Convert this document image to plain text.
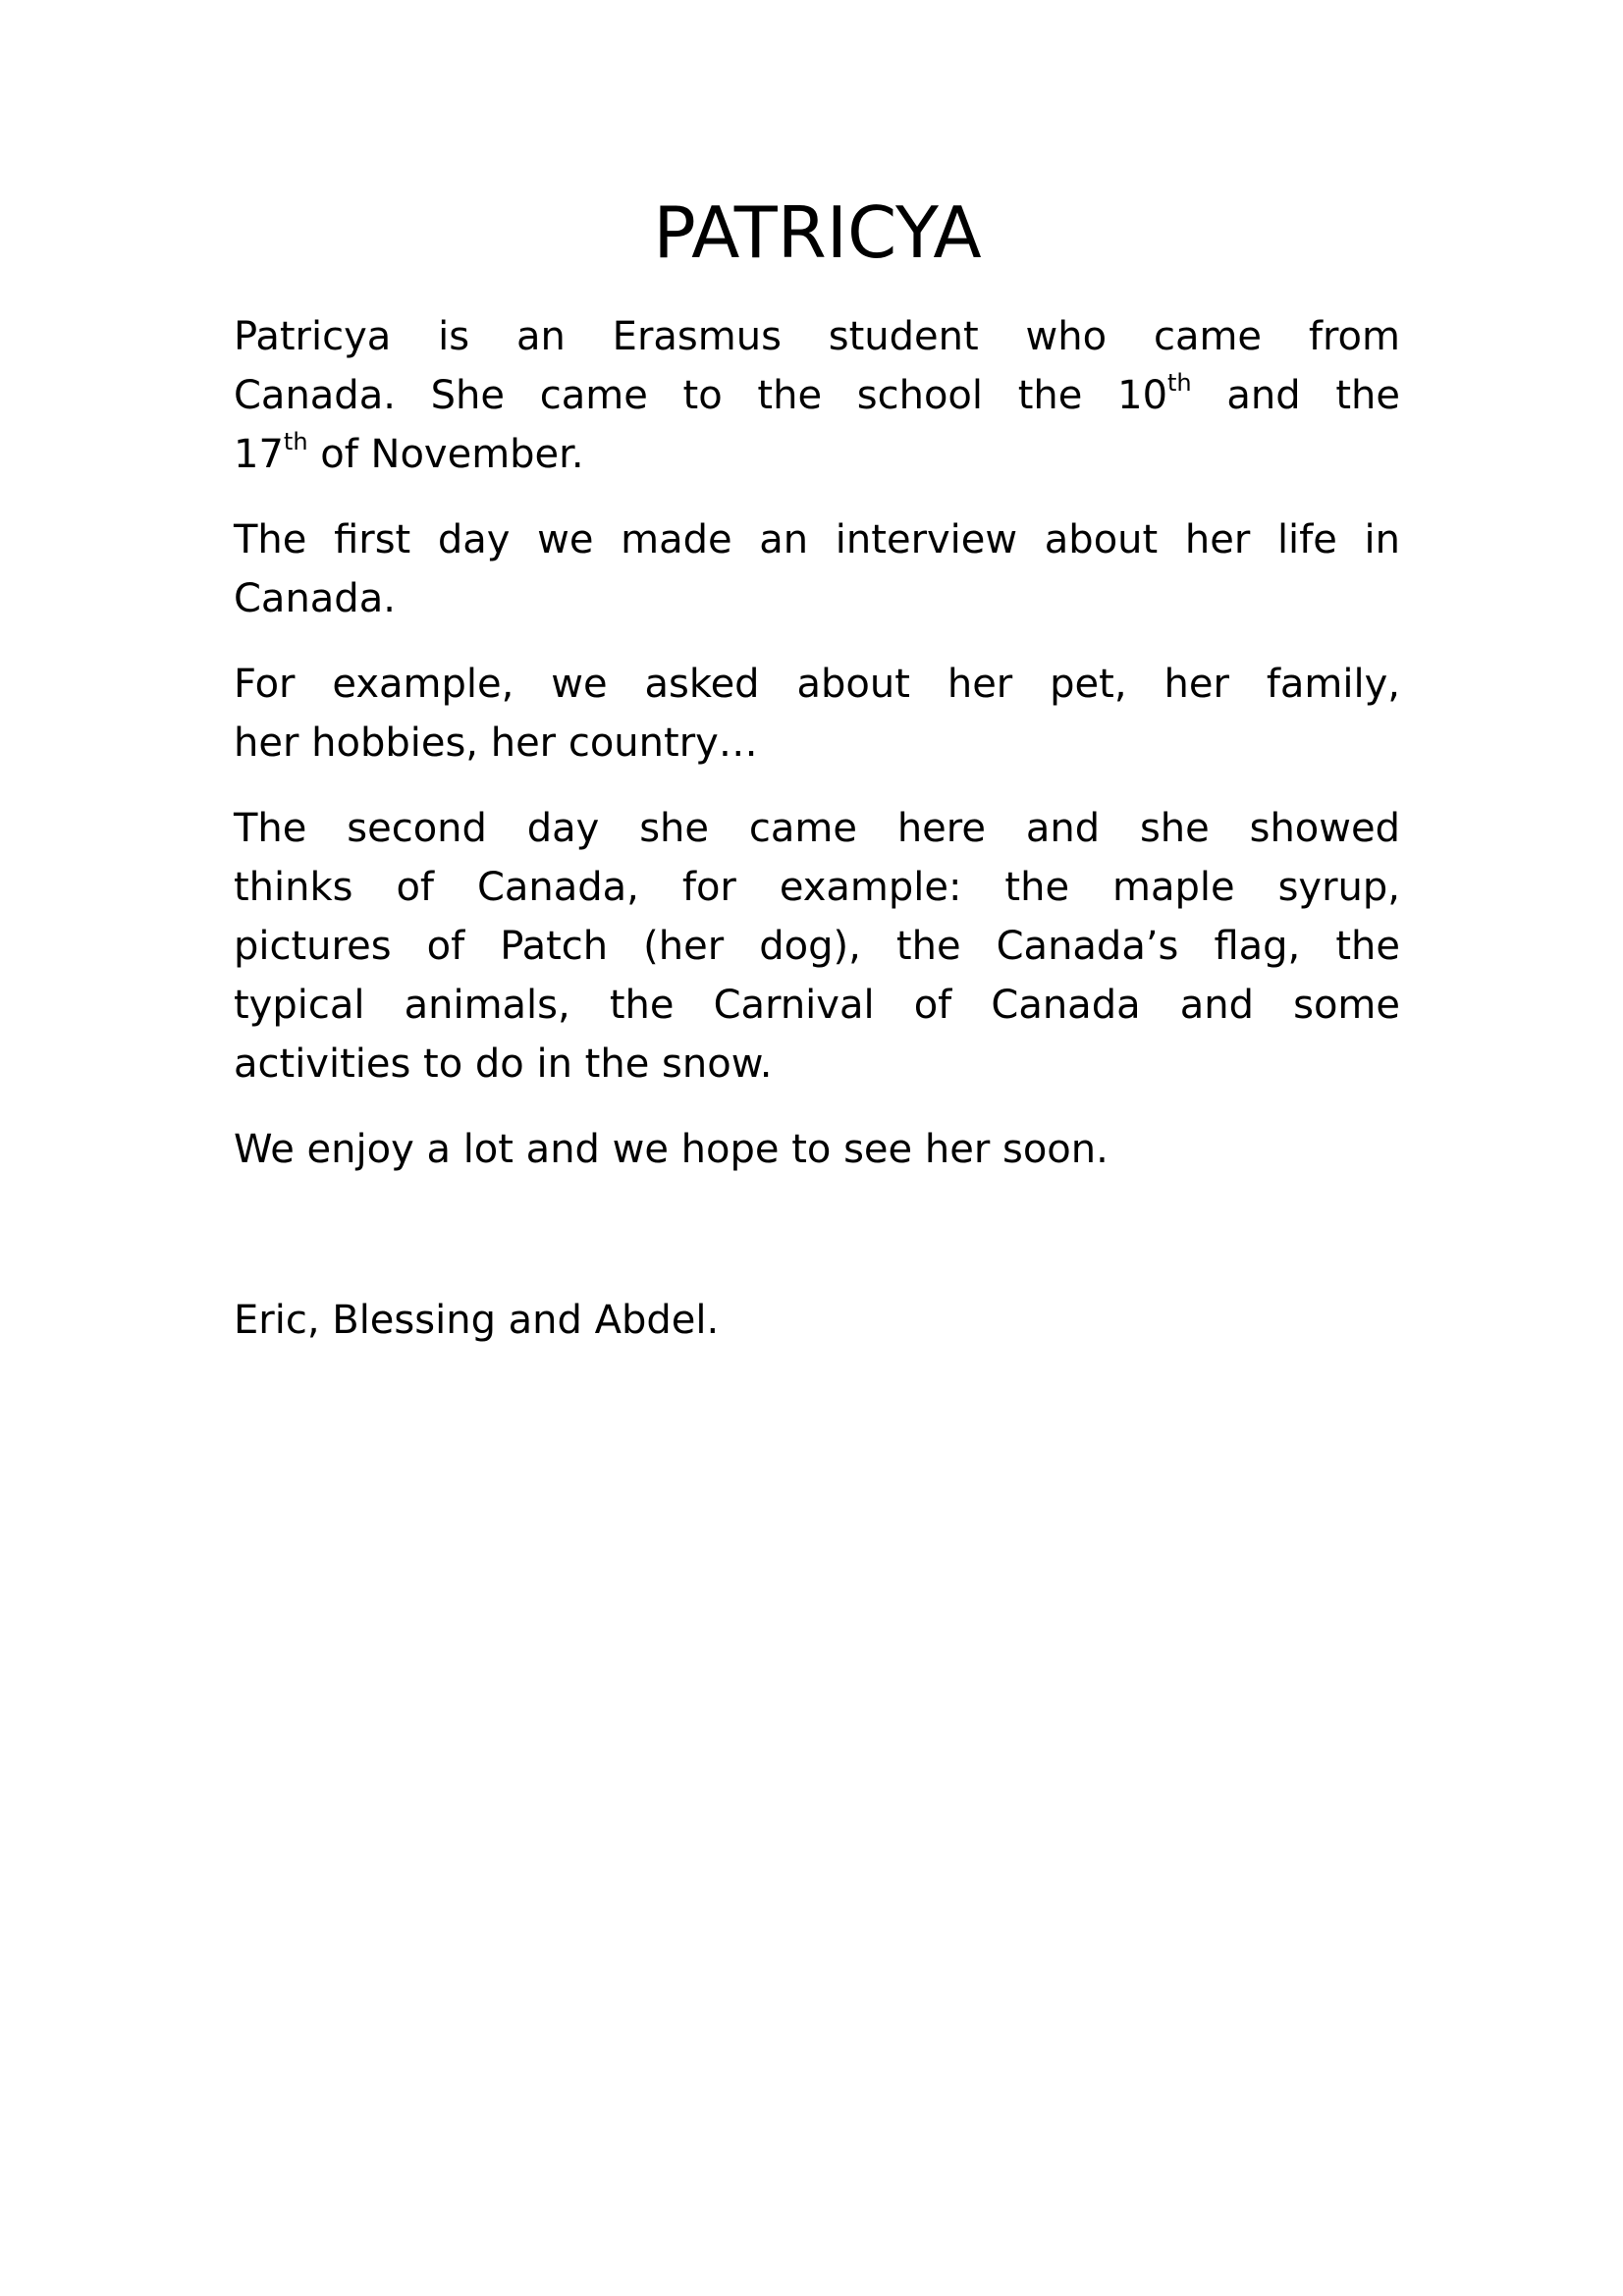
PATRICYA

Patricya is an Erasmus student who came from
Canada. She came to the school the 10th and the
17th of November.

The first day we made an interview about her life in
Canada.

For example, we asked about her pet, her family,
her hobbies, her country…

The second day she came here and she showed
thinks of Canada, for example: the maple syrup,
pictures of Patch (her dog), the Canada’s flag, the
typical animals, the Carnival of Canada and some
activities to do in the snow.

We enjoy a lot and we hope to see her soon.

Eric, Blessing and Abdel.
